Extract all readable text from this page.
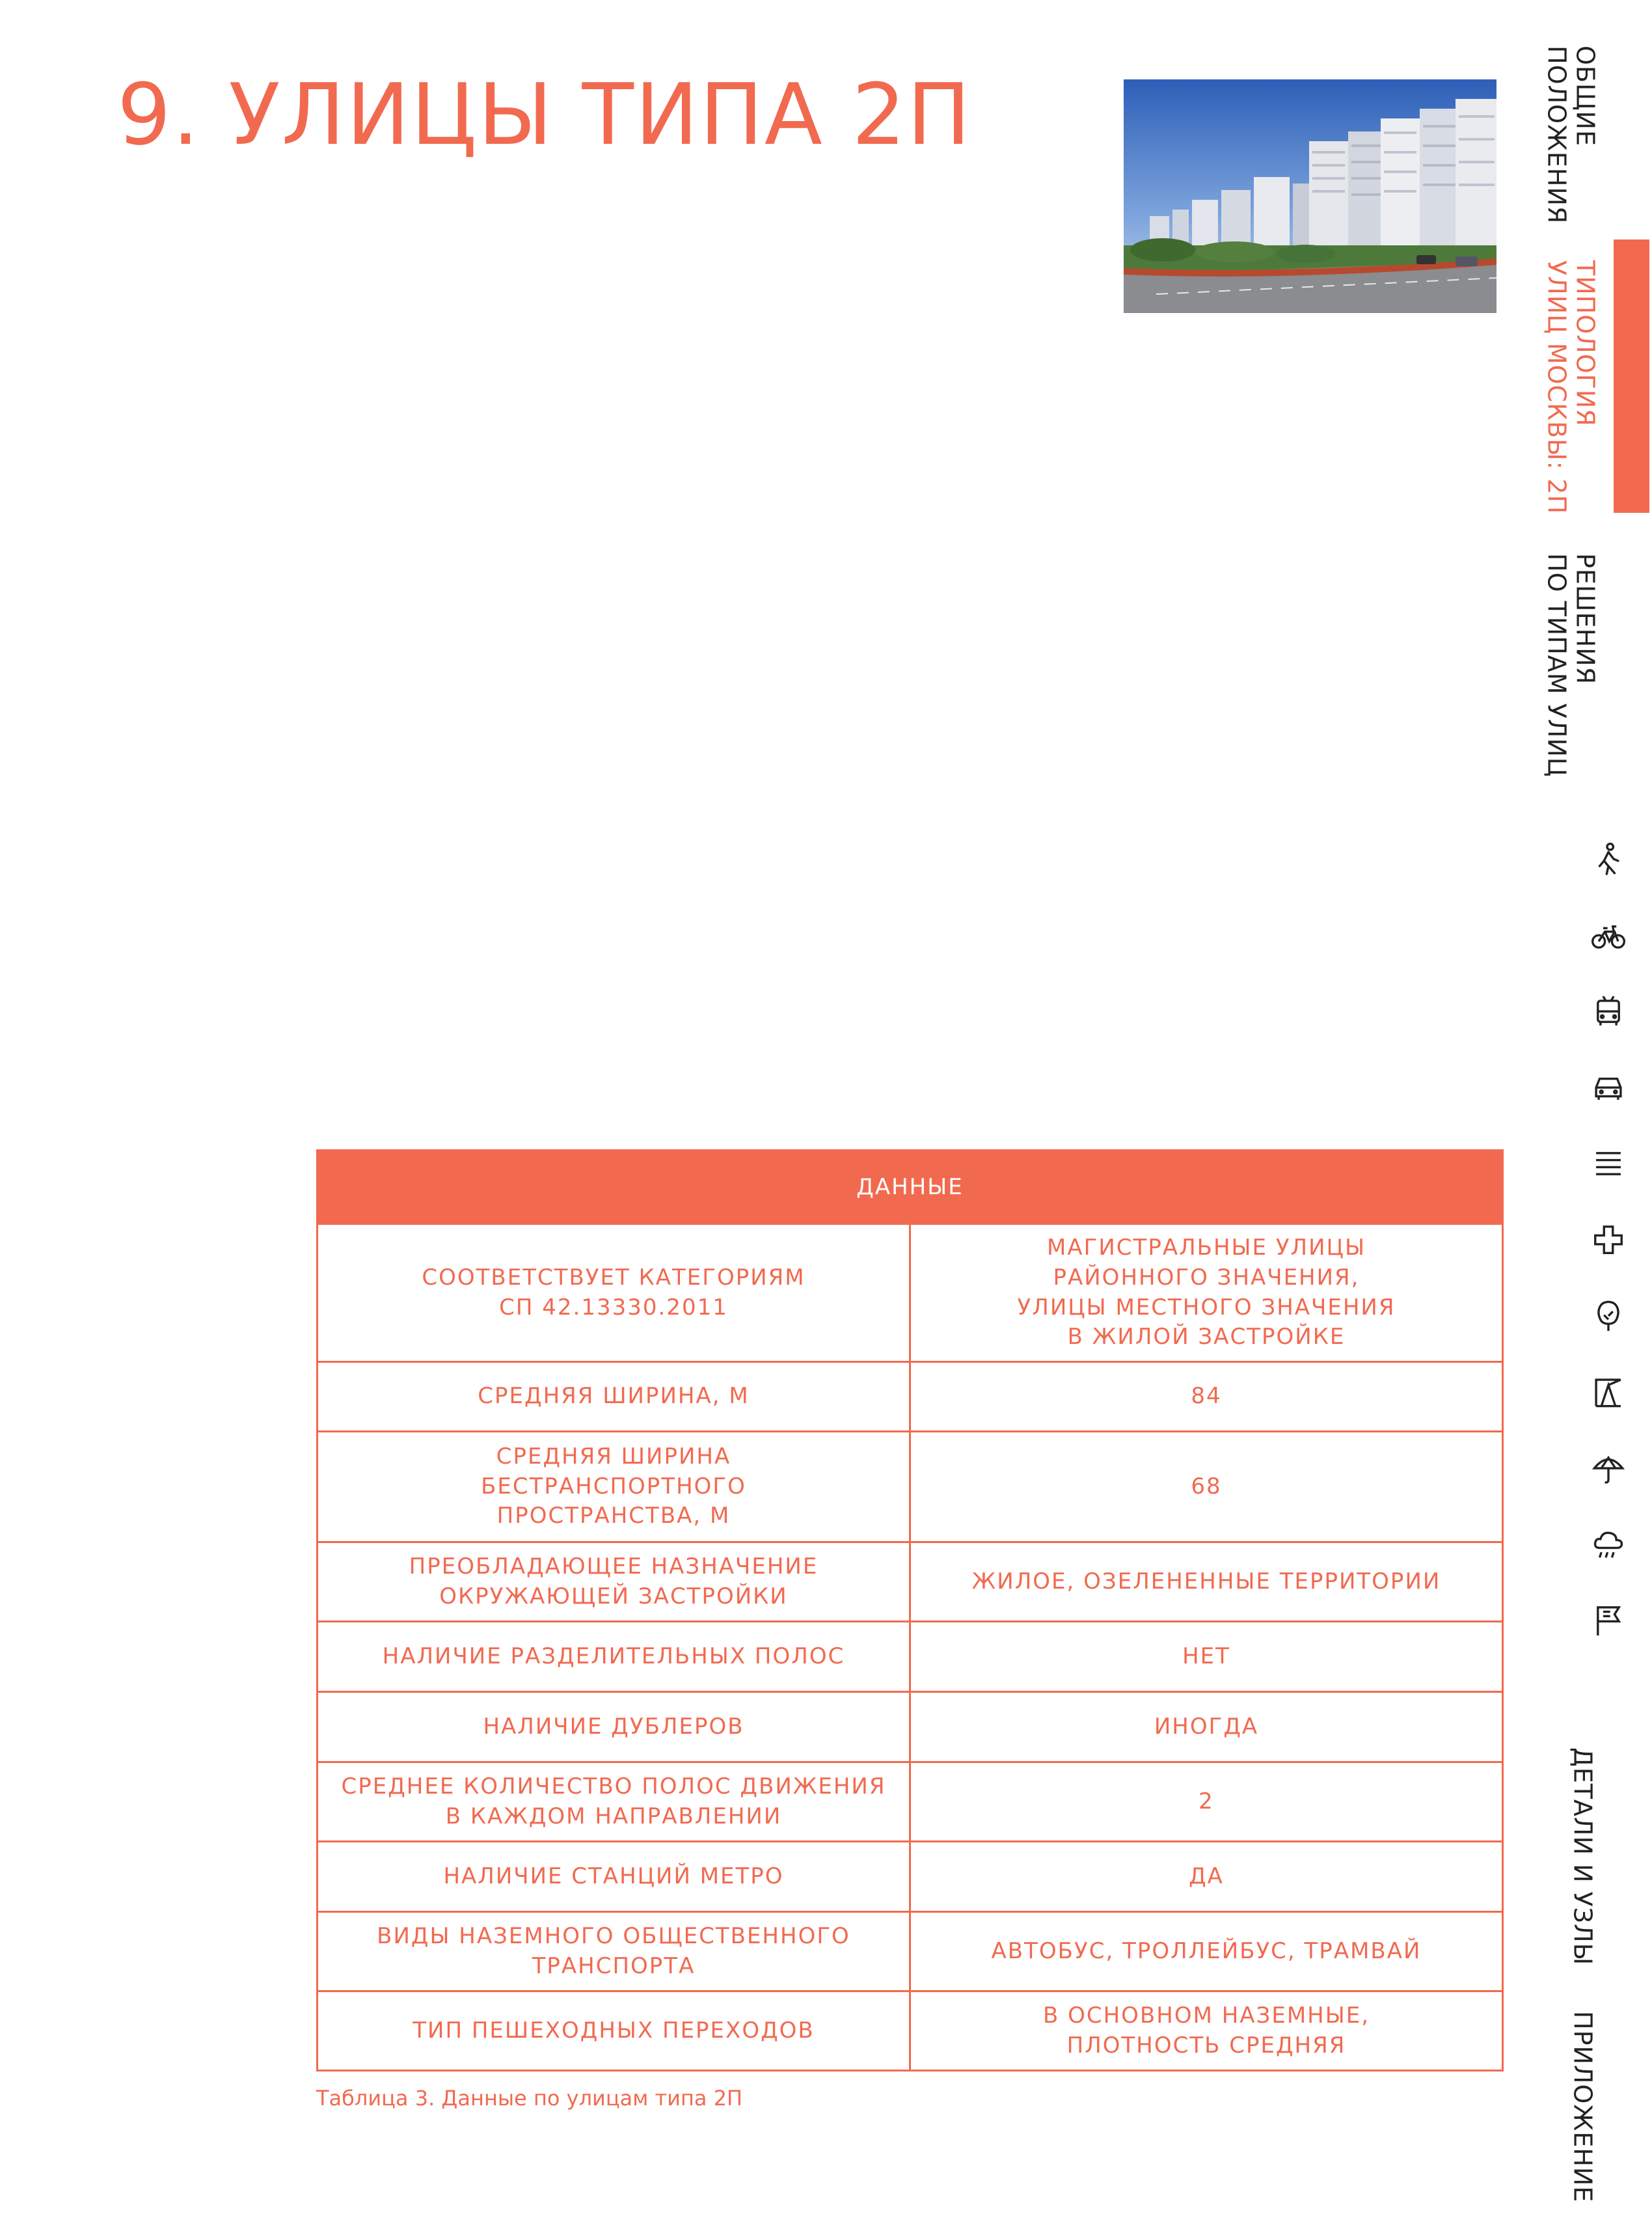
9. УЛИЦЫ ТИПА 2П	ОБЩИЕ
ПОЛОЖЕНИЯ
ТИПОЛОГИЯ
УЛИЦ МОСКВЫ: 2П
РЕШЕНИЯ
ПО ТИПАМ УЛИЦ
ДЕТАЛИ И УЗЛЫ
ПРИЛОЖЕНИЕ
ДАННЫЕ	
СООТВЕТСТВУЕТ КАТЕГОРИЯМ
СП 42.13330.2011	МАГИСТРАЛЬНЫЕ УЛИЦЫ
РАЙОННОГО ЗНАЧЕНИЯ,
УЛИЦЫ МЕСТНОГО ЗНАЧЕНИЯ
В ЖИЛОЙ ЗАСТРОЙКЕ
СРЕДНЯЯ ШИРИНА, М	84
СРЕДНЯЯ ШИРИНА
БЕСТРАНСПОРТНОГО
ПРОСТРАНСТВА, М	68
ПРЕОБЛАДАЮЩЕЕ НАЗНАЧЕНИЕ
ОКРУЖАЮЩЕЙ ЗАСТРОЙКИ	ЖИЛОЕ, ОЗЕЛЕНЕННЫЕ ТЕРРИТОРИИ
НАЛИЧИЕ РАЗДЕЛИТЕЛЬНЫХ ПОЛОС	НЕТ
НАЛИЧИЕ ДУБЛЕРОВ	ИНОГДА
СРЕДНЕЕ КОЛИЧЕСТВО ПОЛОС ДВИЖЕНИЯ
В КАЖДОМ НАПРАВЛЕНИИ	2
НАЛИЧИЕ СТАНЦИЙ МЕТРО	ДА
ВИДЫ НАЗЕМНОГО ОБЩЕСТВЕННОГО
ТРАНСПОРТА	АВТОБУС, ТРОЛЛЕЙБУС, ТРАМВАЙ
ТИП ПЕШЕХОДНЫХ ПЕРЕХОДОВ	В ОСНОВНОМ НАЗЕМНЫЕ,
ПЛОТНОСТЬ СРЕДНЯЯ
Таблица 3. Данные по улицам типа 2П
